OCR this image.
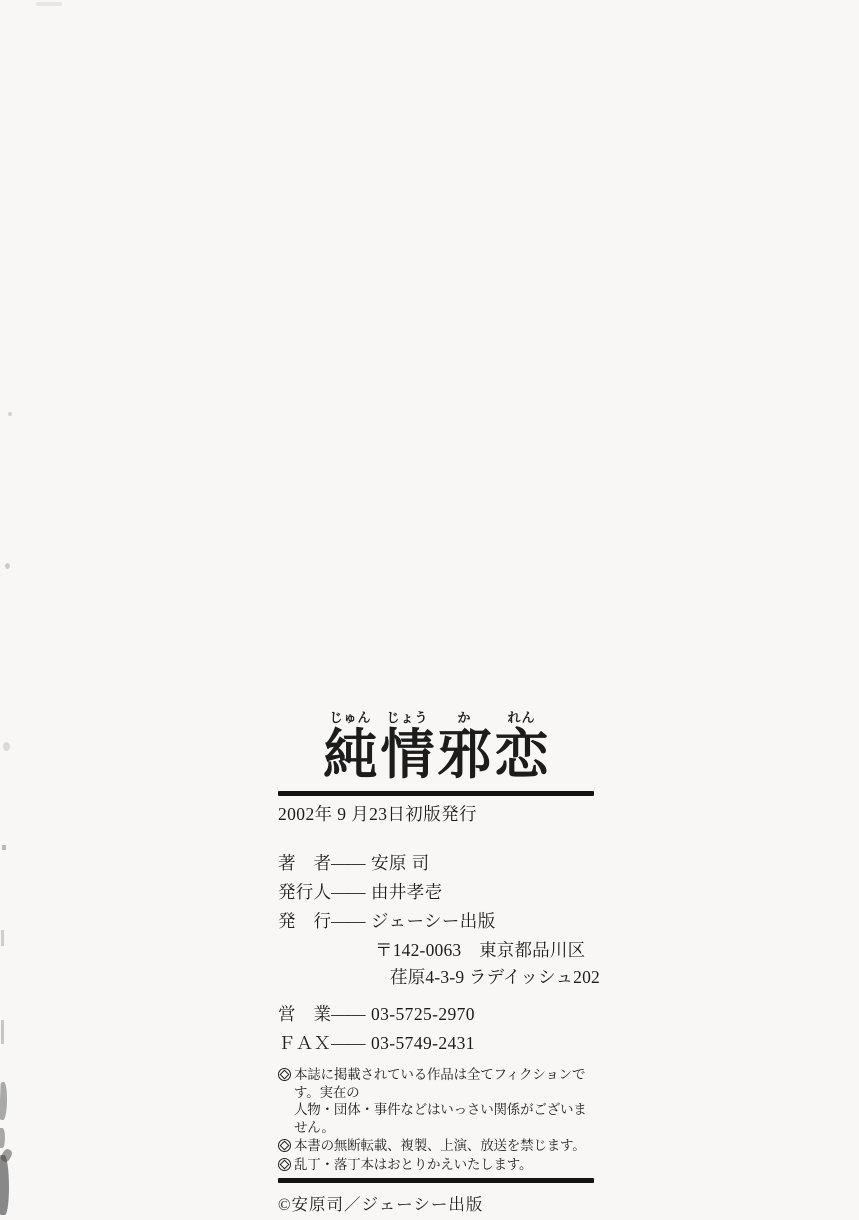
じゅん
純
じょう
情
か
邪
れん
恋
2002年 9 月23日初版発行
著　者 —— 安原 司
発行人 —— 由井孝壱
発　行 —— ジェーシー出版
〒142-0063　東京都品川区
荏原4-3-9 ラデイッシュ202
営　業 —— 03-5725-2970
ＦＡＸ —— 03-5749-2431
本誌に掲載されている作品は全てフィクションです。実在の
人物・団体・事件などはいっさい関係がございません。
本書の無断転載、複製、上演、放送を禁じます。
乱丁・落丁本はおとりかえいたします。
©安原司／ジェーシー出版
